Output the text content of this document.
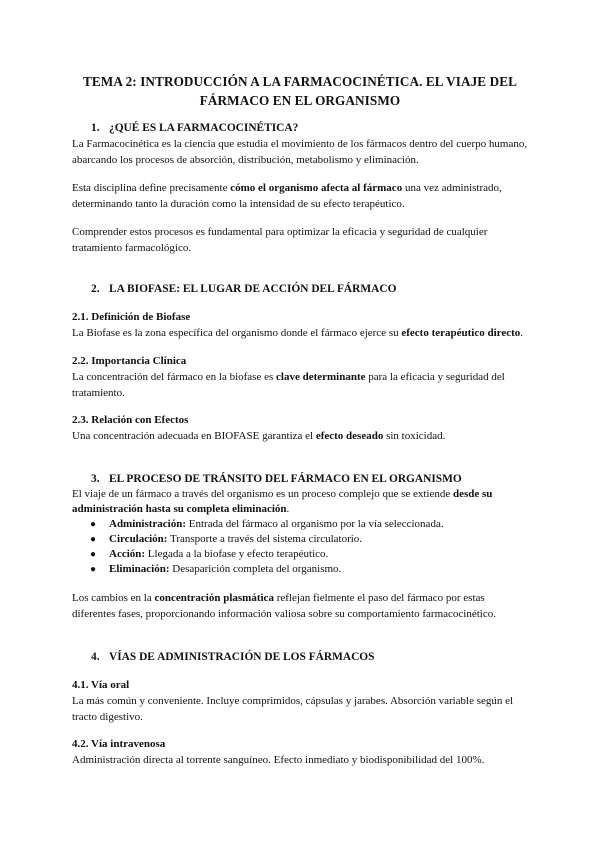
TEMA 2: INTRODUCCIÓN A LA FARMACOCINÉTICA. EL VIAJE DEL FÁRMACO EN EL ORGANISMO
1. ¿QUÉ ES LA FARMACOCINÉTICA?
La Farmacocinética es la ciencia que estudia el movimiento de los fármacos dentro del cuerpo humano, abarcando los procesos de absorción, distribución, metabolismo y eliminación.
Esta disciplina define precisamente cómo el organismo afecta al fármaco una vez administrado, determinando tanto la duración como la intensidad de su efecto terapéutico.
Comprender estos procesos es fundamental para optimizar la eficacia y seguridad de cualquier tratamiento farmacológico.
2. LA BIOFASE: EL LUGAR DE ACCIÓN DEL FÁRMACO
2.1. Definición de Biofase
La Biofase es la zona específica del organismo donde el fármaco ejerce su efecto terapéutico directo.
2.2. Importancia Clínica
La concentración del fármaco en la biofase es clave determinante para la eficacia y seguridad del tratamiento.
2.3. Relación con Efectos
Una concentración adecuada en BIOFASE garantiza el efecto deseado sin toxicidad.
3. EL PROCESO DE TRÁNSITO DEL FÁRMACO EN EL ORGANISMO
El viaje de un fármaco a través del organismo es un proceso complejo que se extiende desde su administración hasta su completa eliminación.
● Administración: Entrada del fármaco al organismo por la vía seleccionada.
● Circulación: Transporte a través del sistema circulatorio.
● Acción: Llegada a la biofase y efecto terapéutico.
● Eliminación: Desaparición completa del organismo.
Los cambios en la concentración plasmática reflejan fielmente el paso del fármaco por estas diferentes fases, proporcionando información valiosa sobre su comportamiento farmacocinético.
4. VÍAS DE ADMINISTRACIÓN DE LOS FÁRMACOS
4.1. Vía oral
La más común y conveniente. Incluye comprimidos, cápsulas y jarabes. Absorción variable según el tracto digestivo.
4.2. Vía intravenosa
Administración directa al torrente sanguíneo. Efecto inmediato y biodisponibilidad del 100%.
